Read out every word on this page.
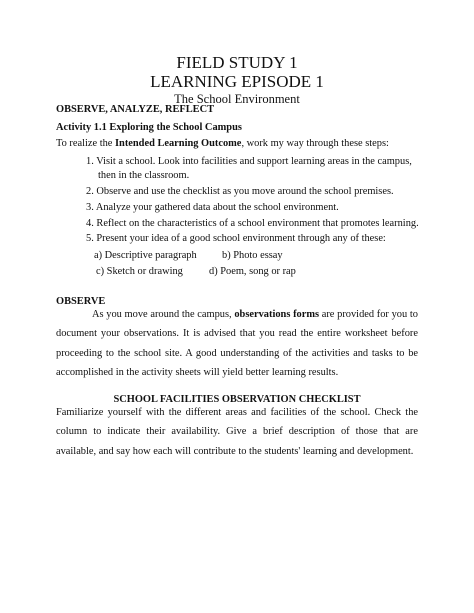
FIELD STUDY 1
LEARNING EPISODE 1
The School Environment
OBSERVE, ANALYZE, REFLECT
Activity 1.1 Exploring the School Campus
To realize the Intended Learning Outcome, work my way through these steps:
1. Visit a school. Look into facilities and support learning areas in the campus,
then in the classroom.
2. Observe and use the checklist as you move around the school premises.
3. Analyze your gathered data about the school environment.
4. Reflect on the characteristics of a school environment that promotes learning.
5. Present your idea of a good school environment through any of these:
a) Descriptive paragraph b) Photo essay
c) Sketch or drawing	d) Poem, song or rap
OBSERVE
As you move around the campus, observations forms are provided for you to document your observations. It is advised that you read the entire worksheet before proceeding to the school site. A good understanding of the activities and tasks to be accomplished in the activity sheets will yield better learning results.
SCHOOL FACILITIES OBSERVATION CHECKLIST
Familiarize yourself with the different areas and facilities of the school. Check the column to indicate their availability. Give a brief description of those that are available, and say how each will contribute to the students' learning and development.
